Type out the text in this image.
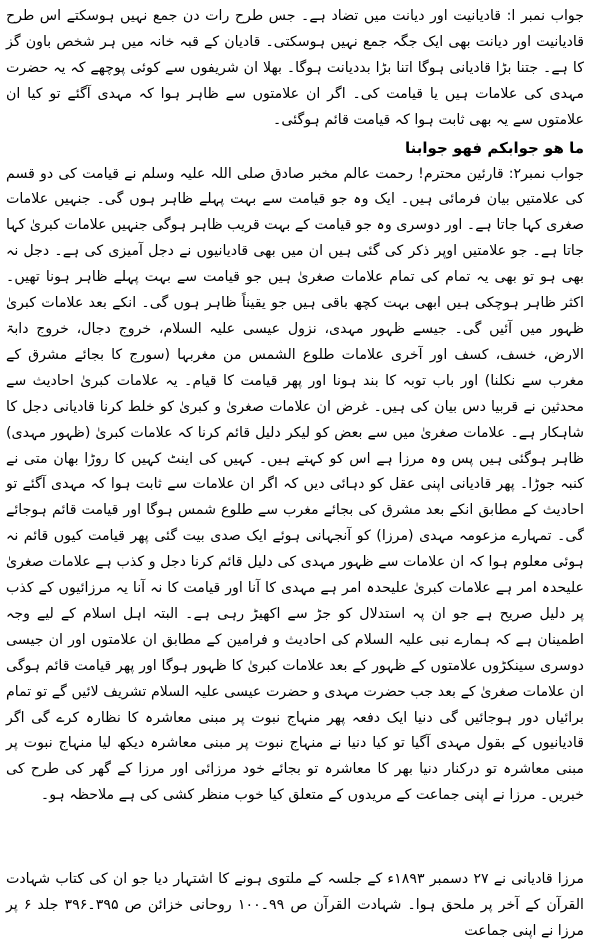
جواب نمبر ا: قادیانیت اور دیانت میں تضاد ہے۔ جس طرح رات دن جمع نہیں ہوسکتے اس طرح قادیانیت اور دیانت بھی ایک جگہ جمع نہیں ہوسکتی۔ قادیان کے قبہ خانہ میں ہر شخص باون گز کا ہے۔ جتنا بڑا قادیانی ہوگا اتنا بڑا بددیانت ہوگا۔ بھلا ان شریفوں سے کوئی پوچھے کہ یہ حضرت مہدی کی علامات ہیں یا قیامت کی۔ اگر ان علامتوں سے ظاہر ہوا کہ مہدی آگئے تو کیا ان علامتوں سے یہ بھی ثابت ہوا کہ قیامت قائم ہوگئی۔

ما ھو جوابکم فھو جوابنا

جواب نمبر۲: قارئین محترم! رحمت عالم مخبر صادق صلی اللہ علیہ وسلم نے قیامت کی دو قسم کی علامتیں بیان فرمائی ہیں۔ ایک وہ جو قیامت سے بہت پہلے ظاہر ہوں گی۔ جنہیں علامات صغری کہا جاتا ہے۔ اور دوسری وہ جو قیامت کے بہت قریب ظاہر ہوگی جنہیں علامات کبریٰ کہا جاتا ہے۔ جو علامتیں اوپر ذکر کی گئی ہیں ان میں بھی قادیانیوں نے دجل آمیزی کی ہے۔ دجل نہ بھی ہو تو بھی یہ تمام کی تمام علامات صغریٰ ہیں جو قیامت سے بہت پہلے ظاہر ہونا تھیں۔ اکثر ظاہر ہوچکی ہیں ابھی بہت کچھ باقی ہیں جو یقیناً ظاہر ہوں گی۔ انکے بعد علامات کبریٰ ظہور میں آئیں گی۔ جیسے ظہور مہدی، نزول عیسی علیہ السلام، خروج دجال، خروج دابۃ الارض، خسف، کسف اور آخری علامات طلوع الشمس من مغربہا (سورج کا بجائے مشرق کے مغرب سے نکلنا) اور باب توبہ کا بند ہونا اور پھر قیامت کا قیام۔ یہ علامات کبریٰ احادیث سے محدثین نے قربیا دس بیان کی ہیں۔ غرض ان علامات صغریٰ و کبریٰ کو خلط کرنا قادیانی دجل کا شاہکار ہے۔ علامات صغریٰ میں سے بعض کو لیکر دلیل قائم کرنا کہ علامات کبریٰ (ظہور مہدی) ظاہر ہوگئی ہیں پس وہ مرزا ہے اس کو کہتے ہیں۔ کہیں کی اینٹ کہیں کا روڑا بھان متی نے کنبہ جوڑا۔ پھر قادیانی اپنی عقل کو دہائی دیں کہ اگر ان علامات سے ثابت ہوا کہ مہدی آگئے تو احادیث کے مطابق انکے بعد مشرق کی بجائے مغرب سے طلوع شمس ہوگا اور قیامت قائم ہوجائے گی۔ تمہارے مزعومہ مہدی (مرزا) کو آنجہانی ہوئے ایک صدی بیت گئی پھر قیامت کیوں قائم نہ ہوئی معلوم ہوا کہ ان علامات سے ظہور مہدی کی دلیل قائم کرنا دجل و کذب ہے علامات صغریٰ علیحدہ امر ہے علامات کبریٰ علیحدہ امر ہے مہدی کا آنا اور قیامت کا نہ آنا یہ مرزائیوں کے کذب پر دلیل صریح ہے جو ان پہ استدلال کو جڑ سے اکھیڑ رہی ہے۔ البتہ اہل اسلام کے لیے وجہ اطمینان ہے کہ ہمارے نبی علیہ السلام کی احادیث و فرامین کے مطابق ان علامتوں اور ان جیسی دوسری سینکڑوں علامتوں کے ظہور کے بعد علامات کبریٰ کا ظہور ہوگا اور پھر قیامت قائم ہوگی ان علامات صغریٰ کے بعد جب حضرت مہدی و حضرت عیسی علیہ السلام تشریف لائیں گے تو تمام برائیاں دور ہوجائیں گی دنیا ایک دفعہ پھر منہاج نبوت پر مبنی معاشرہ کا نظارہ کرے گی اگر قادیانیوں کے بقول مہدی آگیا تو کیا دنیا نے منہاج نبوت پر مبنی معاشرہ دیکھ لیا منہاج نبوت پر مبنی معاشرہ تو درکنار دنیا بھر کا معاشرہ تو بجائے خود مرزائی اور مرزا کے گھر کی طرح کی خبریں۔ مرزا نے اپنی جماعت کے مریدوں کے متعلق کیا خوب منظر کشی کی ہے ملاحظہ ہو۔

مرزا قادیانی نے ۲۷ دسمبر ۱۸۹۳ء کے جلسہ کے ملتوی ہونے کا اشتہار دیا جو ان کی کتاب شہادت القرآن کے آخر پر ملحق ہوا۔ شہادت القرآن ص ۹۹۔۱۰۰ روحانی خزائن ص ۳۹۵۔۳۹۶ جلد ۶ پر مرزا نے اپنی جماعت
